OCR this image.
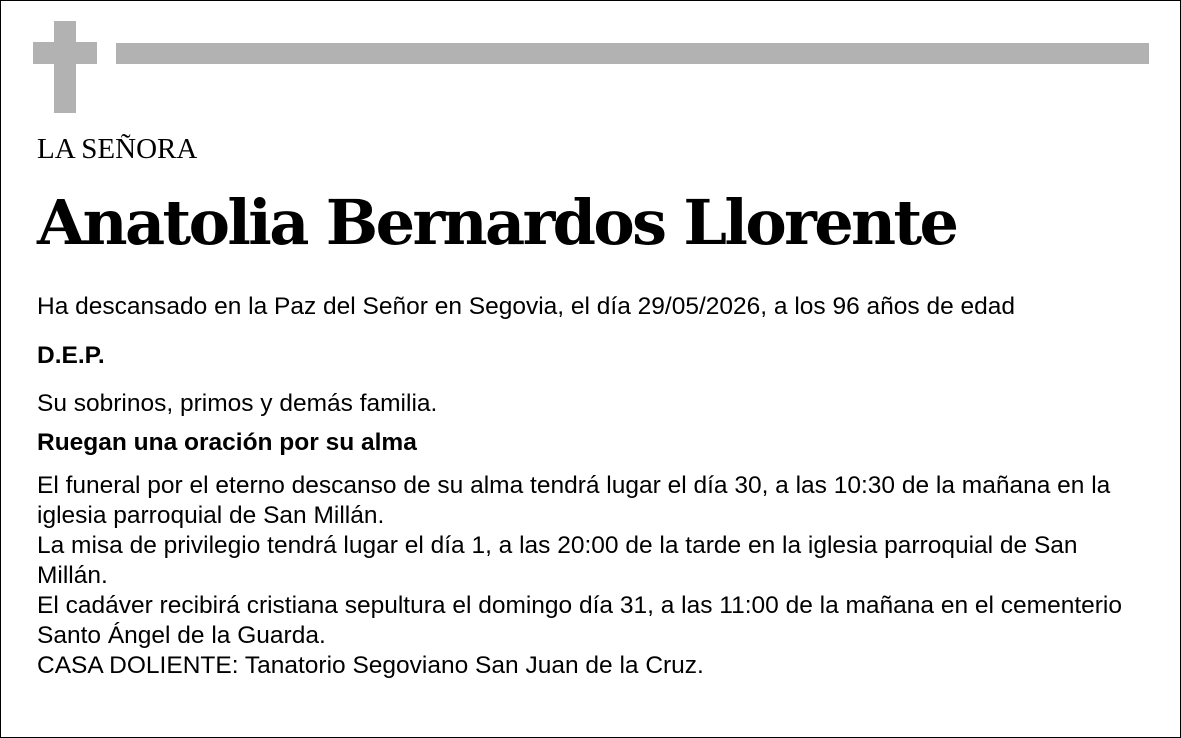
LA SEÑORA
Anatolia Bernardos Llorente
Ha descansado en la Paz del Señor en Segovia, el día 29/05/2026, a los 96 años de edad
D.E.P.
Su sobrinos, primos y demás familia.
Ruegan una oración por su alma

El funeral por el eterno descanso de su alma tendrá lugar el día 30, a las 10:30 de la mañana en la iglesia parroquial de San Millán.

La misa de privilegio tendrá lugar el día 1, a las 20:00 de la tarde en la iglesia parroquial de San Millán.

El cadáver recibirá cristiana sepultura el domingo día 31, a las 11:00 de la mañana en el cementerio Santo Ángel de la Guarda.

CASA DOLIENTE: Tanatorio Segoviano San Juan de la Cruz.
